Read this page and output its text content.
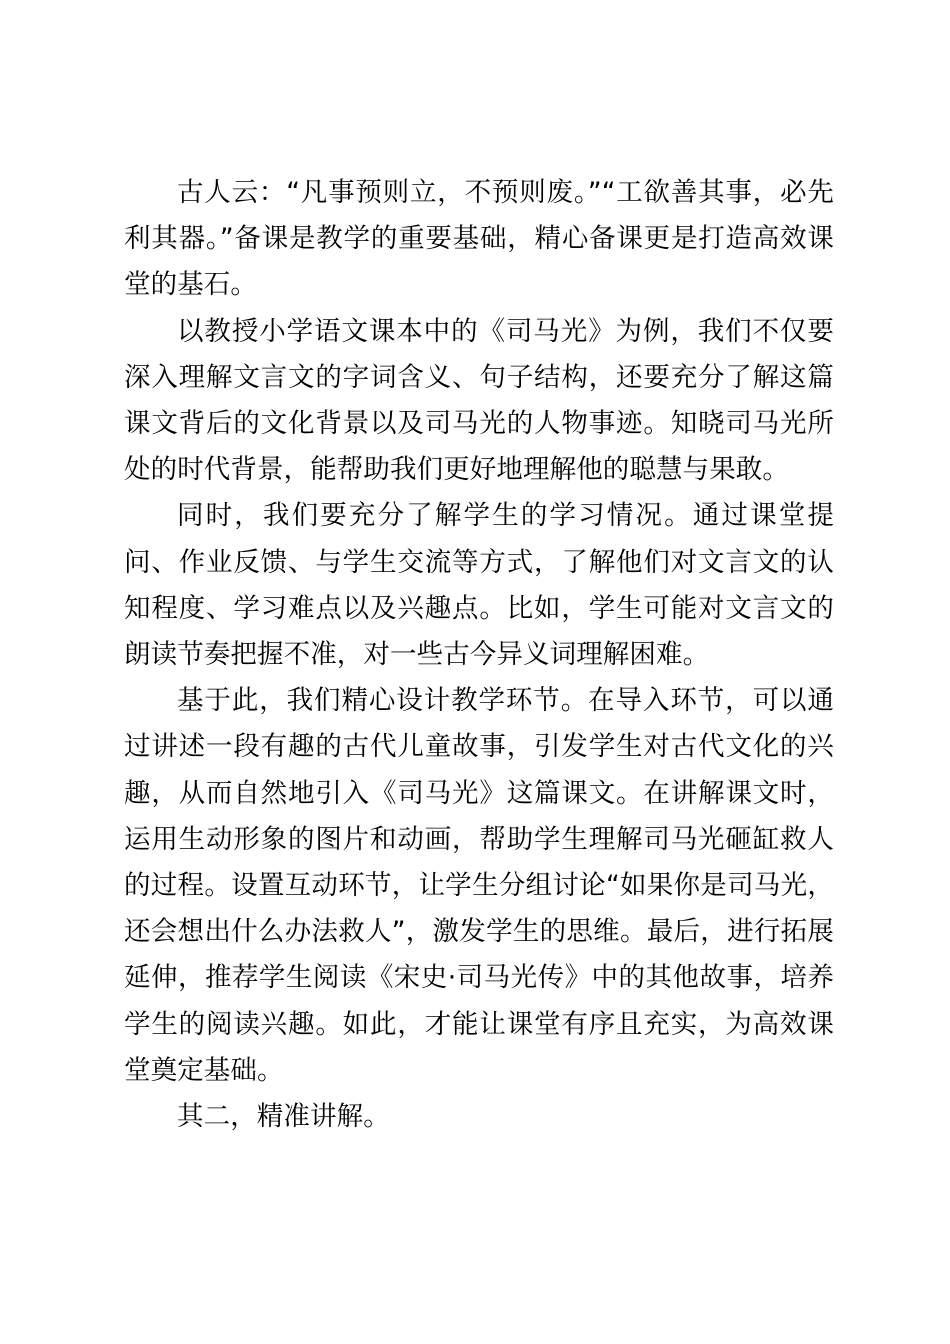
古人云：“凡事预则立，不预则废。”“工欲善其事，必先利其器。”备课是教学的重要基础，精心备课更是打造高效课堂的基石。

以教授小学语文课本中的《司马光》为例，我们不仅要深入理解文言文的字词含义、句子结构，还要充分了解这篇课文背后的文化背景以及司马光的人物事迹。知晓司马光所处的时代背景，能帮助我们更好地理解他的聪慧与果敢。

同时，我们要充分了解学生的学习情况。通过课堂提问、作业反馈、与学生交流等方式，了解他们对文言文的认知程度、学习难点以及兴趣点。比如，学生可能对文言文的朗读节奏把握不准，对一些古今异义词理解困难。

基于此，我们精心设计教学环节。在导入环节，可以通过讲述一段有趣的古代儿童故事，引发学生对古代文化的兴趣，从而自然地引入《司马光》这篇课文。在讲解课文时，运用生动形象的图片和动画，帮助学生理解司马光砸缸救人的过程。设置互动环节，让学生分组讨论“如果你是司马光，还会想出什么办法救人”，激发学生的思维。最后，进行拓展延伸，推荐学生阅读《宋史·司马光传》中的其他故事，培养学生的阅读兴趣。如此，才能让课堂有序且充实，为高效课堂奠定基础。

其二，精准讲解。
